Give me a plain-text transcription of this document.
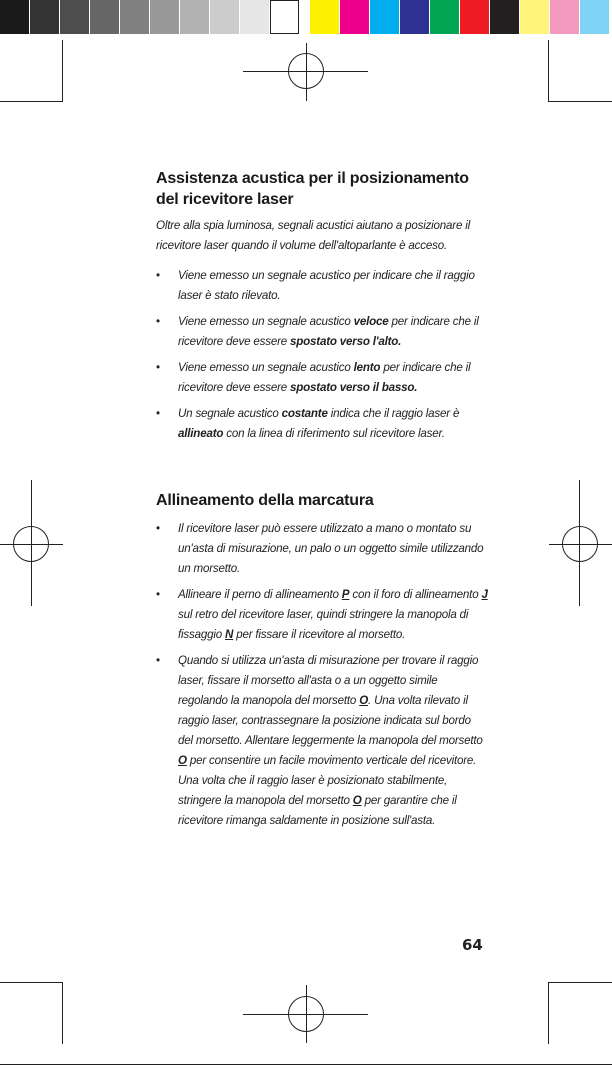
Assistenza acustica per il posizionamento del ricevitore laser

Oltre alla spia luminosa, segnali acustici aiutano a posizionare il ricevitore laser quando il volume dell'altoparlante è acceso.

• Viene emesso un segnale acustico per indicare che il raggio laser è stato rilevato.
• Viene emesso un segnale acustico veloce per indicare che il ricevitore deve essere spostato verso l'alto.
• Viene emesso un segnale acustico lento per indicare che il ricevitore deve essere spostato verso il basso.
• Un segnale acustico costante indica che il raggio laser è allineato con la linea di riferimento sul ricevitore laser.
Allineamento della marcatura
• Il ricevitore laser può essere utilizzato a mano o montato su un'asta di misurazione, un palo o un oggetto simile utilizzando un morsetto.
• Allineare il perno di allineamento P con il foro di allineamento J sul retro del ricevitore laser, quindi stringere la manopola di fissaggio N per fissare il ricevitore al morsetto.
• Quando si utilizza un'asta di misurazione per trovare il raggio laser, fissare il morsetto all'asta o a un oggetto simile regolando la manopola del morsetto O. Una volta rilevato il raggio laser, contrassegnare la posizione indicata sul bordo del morsetto. Allentare leggermente la manopola del morsetto O per consentire un facile movimento verticale del ricevitore. Una volta che il raggio laser è posizionato stabilmente, stringere la manopola del morsetto O per garantire che il ricevitore rimanga saldamente in posizione sull'asta.
64
